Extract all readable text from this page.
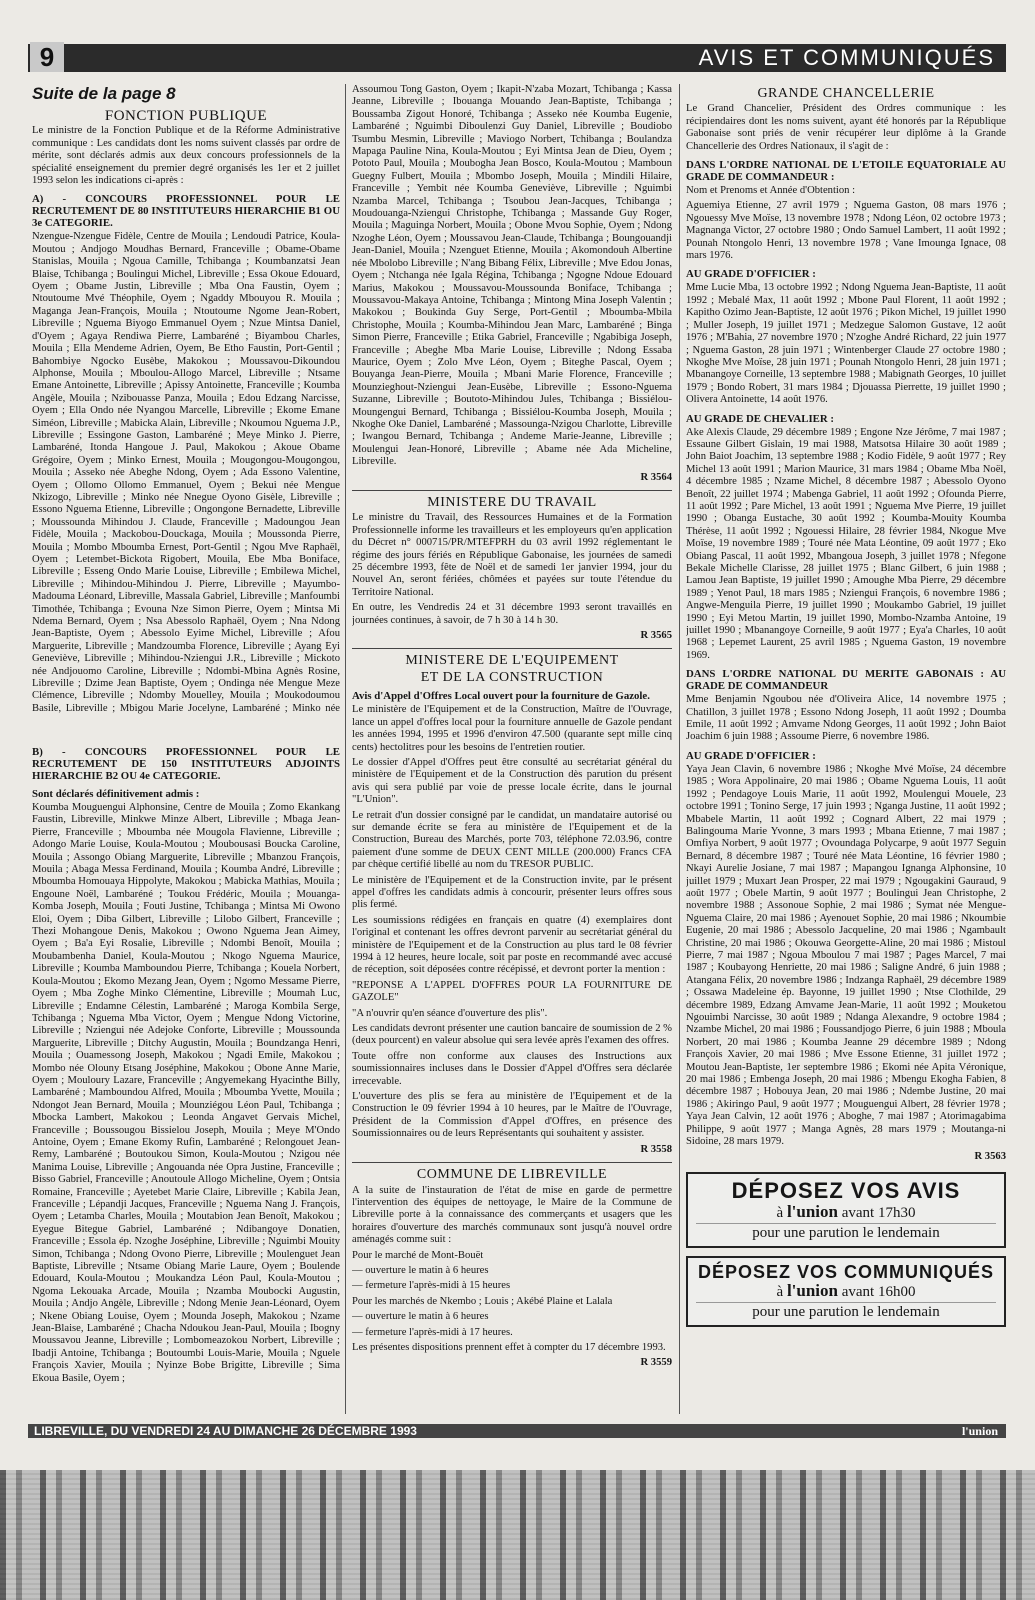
9	AVIS ET COMMUNIQUÉS
Suite de la page 8
FONCTION PUBLIQUE

Le ministre de la Fonction Publique et de la Réforme Administrative communique : Les candidats dont les noms suivent classés par ordre de mérite, sont déclarés admis aux deux concours professionnels de la spécialité enseignement du premier degré organisés les 1er et 2 juillet 1993 selon les indications ci-après :

A) - CONCOURS PROFESSIONNEL POUR LE RECRUTEMENT DE 80 INSTITUTEURS HIERARCHIE B1 OU 3e CATEGORIE.

Nzengue-Nzengue Fidèle, Centre de Mouila ; Lendoudi Patrice, Koula-Moutou ; Andjogo Moudhas Bernard, Franceville ; Obame-Obame Stanislas, Mouila ; Ngoua Camille, Tchibanga ; Koumbanzatsi Jean Blaise, Tchibanga ; Boulingui Michel, Libreville ; Essa Okoue Edouard, Oyem ; Obame Justin, Libreville ; Mba Ona Faustin, Oyem ; Ntoutoume Mvé Théophile, Oyem ; Ngaddy Mbouyou R. Mouila ; Maganga Jean-François, Mouila ; Ntoutoume Ngome Jean-Robert, Libreville ; Nguema Biyogo Emmanuel Oyem ; Nzue Mintsa Daniel, d'Oyem ; Agaya Rendiwa Pierre, Lambaréné ; Biyambou Charles, Mouila ; Ella Mendeme Adrien, Oyem, Be Etho Faustin, Port-Gentil ; Bahombiye Ngocko Eusèbe, Makokou ; Moussavou-Dikoundou Alphonse, Mouila ; Mboulou-Allogo Marcel, Libreville ; Ntsame Emane Antoinette, Libreville ; Apissy Antoinette, Franceville ; Koumba Angèle, Mouila ; Nzibouasse Panza, Mouila ; Edou Edzang Narcisse, Oyem ; Ella Ondo née Nyangou Marcelle, Libreville ; Ekome Emane Siméon, Libreville ; Mabicka Alain, Libreville ; Nkoumou Nguema J.P., Libreville ; Essingone Gaston, Lambaréné ; Meye Minko J. Pierre, Lambaréné, Itonda Hangoue J. Paul, Makokou ; Akoue Obame Grégoire, Oyem ; Minko Ernest, Mouila ; Mougongou-Mougongou, Mouila ; Asseko née Abeghe Ndong, Oyem ; Ada Essono Valentine, Oyem ; Ollomo Ollomo Emmanuel, Oyem ; Bekui née Mengue Nkizogo, Libreville ; Minko née Nnegue Oyono Gisèle, Libreville ; Essono Nguema Etienne, Libreville ; Ongongone Bernadette, Libreville ; Moussounda Mihindou J. Claude, Franceville ; Madoungou Jean Fidèle, Mouila ; Mackobou-Douckaga, Mouila ; Moussonda Pierre, Mouila ; Mombo Mboumba Ernest, Port-Gentil ; Ngou Mve Raphaël, Oyem ; Letembet-Bickota Rigobert, Mouila, Ebe Mba Boniface, Libreville ; Esseng Ondo Marie Louise, Libreville ; Embilewa Michel, Libreville ; Mihindou-Mihindou J. Pierre, Libreville ; Mayumbo-Madouma Léonard, Libreville, Massala Gabriel, Libreville ; Manfoumbi Timothée, Tchibanga ; Evouna Nze Simon Pierre, Oyem ; Mintsa Mi Ndema Bernard, Oyem ; Nsa Abessolo Raphaël, Oyem ; Nna Ndong Jean-Baptiste, Oyem ; Abessolo Eyime Michel, Libreville ; Afou Marguerite, Libreville ; Mandzoumba Florence, Libreville ; Ayang Eyi Geneviève, Libreville ; Mihindou-Nziengui J.R., Libreville ; Mickoto née Andjouomo Caroline, Libreville ; Ndombi-Mbina Agnès Rosine, Libreville ; Dzime Jean Baptiste, Oyem ; Ondinga née Mengue Meze Clémence, Libreville ; Ndomby Mouelley, Mouila ; Moukodoumou Basile, Libreville ; Mbigou Marie Jocelyne, Lambaréné ; Minko née

B) - CONCOURS PROFESSIONNEL POUR LE RECRUTEMENT DE 150 INSTITUTEURS ADJOINTS HIERARCHIE B2 OU 4e CATEGORIE.
Sont déclarés définitivement admis :

Koumba Mouguengui Alphonsine, Centre de Mouila ; Zomo Ekankang Faustin, Libreville, Minkwe Minze Albert, Libreville ; Mbaga Jean-Pierre, Franceville ; Mboumba née Mougola Flavienne, Libreville ; Adongo Marie Louise, Koula-Moutou ; Moubousasi Boucka Caroline, Mouila ; Assongo Obiang Marguerite, Libreville ; Mbanzou François, Mouila ; Abaga Messa Ferdinand, Mouila ; Koumba André, Libreville ; Mboumba Homouaya Hippolyte, Makokou ; Mabicka Mathias, Mouila ; Engoune Noël, Lambaréné ; Toukou Frédéric, Mouila ; Mouanga-Komba Joseph, Mouila ; Fouti Justine, Tchibanga ; Mintsa Mi Owono Eloi, Oyem ; Diba Gilbert, Libreville ; Lilobo Gilbert, Franceville ; Thezi Mohangoue Denis, Makokou ; Owono Nguema Jean Aimey, Oyem ; Ba'a Eyi Rosalie, Libreville ; Ndombi Benoît, Mouila ; Moubambenha Daniel, Koula-Moutou ; Nkogo Nguema Maurice, Libreville ; Koumba Mamboundou Pierre, Tchibanga ; Kouela Norbert, Koula-Moutou ; Ekomo Mezang Jean, Oyem ; Ngomo Messame Pierre, Oyem ; Mba Zoghe Minko Clémentine, Libreville ; Moumah Luc, Libreville ; Endamne Célestin, Lambaréné ; Maroga Kombila Serge, Tchibanga ; Nguema Mba Victor, Oyem ; Mengue Ndong Victorine, Libreville ; Nziengui née Adejoke Conforte, Libreville ; Moussounda Marguerite, Libreville ; Ditchy Augustin, Mouila ; Boundzanga Henri, Mouila ; Ouamessong Joseph, Makokou ; Ngadi Emile, Makokou ; Mombo née Olouny Etsang Joséphine, Makokou ; Obone Anne Marie, Oyem ; Mouloury Lazare, Franceville ; Angyemekang Hyacinthe Billy, Lambaréné ; Mamboundou Alfred, Mouila ; Mboumba Yvette, Mouila ; Ndongot Jean Bernard, Mouila ; Mounziégou Léon Paul, Tchibanga ; Mbocka Lambert, Makokou ; Leonda Angavet Gervais Michel, Franceville ; Boussougou Bissielou Joseph, Mouila ; Meye M'Ondo Antoine, Oyem ; Emane Ekomy Rufin, Lambaréné ; Relongouet Jean-Remy, Lambaréné ; Boutoukou Simon, Koula-Moutou ; Nzigou née Manima Louise, Libreville ; Angouanda née Opra Justine, Franceville ; Bisso Gabriel, Franceville ; Anoutoule Allogo Micheline, Oyem ; Ontsia Romaine, Franceville ; Ayetebet Marie Claire, Libreville ; Kabila Jean, Franceville ; Lépandji Jacques, Franceville ; Nguema Nang J. François, Oyem ; Letamba Charles, Mouila ; Moutabion Jean Benoît, Makokou ; Eyegue Bitegue Gabriel, Lambaréné ; Ndibangoye Donatien, Franceville ; Essola ép. Nzoghe Joséphine, Libreville ; Nguimbi Mouity Simon, Tchibanga ; Ndong Ovono Pierre, Libreville ; Moulenguet Jean Baptiste, Libreville ; Ntsame Obiang Marie Laure, Oyem ; Boulende Edouard, Koula-Moutou ; Moukandza Léon Paul, Koula-Moutou ; Ngoma Lekouaka Arcade, Mouila ; Nzamba Moubocki Augustin, Mouila ; Andjo Angèle, Libreville ; Ndong Menie Jean-Léonard, Oyem ; Nkene Obiang Louise, Oyem ; Mounda Joseph, Makokou ; Nzame Jean-Blaise, Lambaréné ; Chacha Ndoukou Jean-Paul, Mouila ; Ibogny Moussavou Jeanne, Libreville ; Lombomeazokou Norbert, Libreville ; Ibadji Antoine, Tchibanga ; Boutoumbi Louis-Marie, Mouila ; Nguele François Xavier, Mouila ; Nyinze Bobe Brigitte, Libreville ; Sima Ekoua Basile, Oyem ;

Assoumou Tong Gaston, Oyem ; Ikapit-N'zaba Mozart, Tchibanga ; Kassa Jeanne, Libreville ; Ibouanga Mouando Jean-Baptiste, Tchibanga ; Boussamba Zigout Honoré, Tchibanga ; Asseko née Koumba Eugenie, Lambaréné ; Nguimbi Diboulenzi Guy Daniel, Libreville ; Boudiobo Tsumbu Mesmin, Libreville ; Maviogo Norbert, Tchibanga ; Boulandza Mapaga Pauline Nina, Koula-Moutou ; Eyi Mintsa Jean de Dieu, Oyem ; Pototo Paul, Mouila ; Moubogha Jean Bosco, Koula-Moutou ; Mamboun Guegny Fulbert, Mouila ; Mbombo Joseph, Mouila ; Mindili Hilaire, Franceville ; Yembit née Koumba Geneviève, Libreville ; Nguimbi Nzamba Marcel, Tchibanga ; Tsoubou Jean-Jacques, Tchibanga ; Moudouanga-Nziengui Christophe, Tchibanga ; Massande Guy Roger, Mouila ; Maguinga Norbert, Mouila ; Obone Mvou Sophie, Oyem ; Ndong Nzoghe Léon, Oyem ; Moussavou Jean-Claude, Tchibanga ; Boungouandji Jean-Daniel, Mouila ; Nzenguet Etienne, Mouila ; Akomondouh Albertine née Mbolobo Libreville ; N'ang Bibang Félix, Libreville ; Mve Edou Jonas, Oyem ; Ntchanga née Igala Régina, Tchibanga ; Ngogne Ndoue Edouard Marius, Makokou ; Moussavou-Moussounda Boniface, Tchibanga ; Moussavou-Makaya Antoine, Tchibanga ; Mintong Mina Joseph Valentin ; Makokou ; Boukinda Guy Serge, Port-Gentil ; Mboumba-Mbila Christophe, Mouila ; Koumba-Mihindou Jean Marc, Lambaréné ; Binga Simon Pierre, Franceville ; Etika Gabriel, Franceville ; Ngabibiga Joseph, Franceville ; Abeghe Mba Marie Louise, Libreville ; Ndong Essaba Maurice, Oyem ; Zolo Mve Léon, Oyem ; Biteghe Pascal, Oyem ; Bouyanga Jean-Pierre, Mouila ; Mbani Marie Florence, Franceville ; Mounzieghout-Nziengui Jean-Eusèbe, Libreville ; Essono-Nguema Suzanne, Libreville ; Boutoto-Mihindou Jules, Tchibanga ; Bissiélou-Moungengui Bernard, Tchibanga ; Bissiélou-Koumba Joseph, Mouila ; Nkoghe Oke Daniel, Lambaréné ; Massounga-Nzigou Charlotte, Libreville ; Iwangou Bernard, Tchibanga ; Andeme Marie-Jeanne, Libreville ; Moulengui Jean-Honoré, Libreville ; Abame née Ada Micheline, Libreville.

R 3564
MINISTERE DU TRAVAIL

Le ministre du Travail, des Ressources Humaines et de la Formation Professionnelle informe les travailleurs et les employeurs qu'en application du Décret n° 000715/PR/MTEFPRH du 03 avril 1992 réglementant le régime des jours fériés en République Gabonaise, les journées de samedi 25 décembre 1993, fête de Noël et de samedi 1er janvier 1994, jour du Nouvel An, seront fériées, chômées et payées sur toute l'étendue du Territoire National.

En outre, les Vendredis 24 et 31 décembre 1993 seront travaillés en journées continues, à savoir, de 7 h 30 à 14 h 30.

R 3565
MINISTERE DE L'EQUIPEMENT
ET DE LA CONSTRUCTION
Avis d'Appel d'Offres Local ouvert pour la fourniture de Gazole.

Le ministère de l'Equipement et de la Construction, Maître de l'Ouvrage, lance un appel d'offres local pour la fourniture annuelle de Gazole pendant les années 1994, 1995 et 1996 d'environ 47.500 (quarante sept mille cinq cents) hectolitres pour les besoins de l'entretien routier.

Le dossier d'Appel d'Offres peut être consulté au secrétariat général du ministère de l'Equipement et de la Construction dès parution du présent avis qui sera publié par voie de presse locale écrite, dans le journal "L'Union".

Le retrait d'un dossier consigné par le candidat, un mandataire autorisé ou sur demande écrite se fera au ministère de l'Equipement et de la Construction, Bureau des Marchés, porte 703, téléphone 72.03.96, contre paiement d'une somme de DEUX CENT MILLE (200.000) Francs CFA par chèque certifié libellé au nom du TRESOR PUBLIC.

Le ministère de l'Equipement et de la Construction invite, par le présent appel d'offres les candidats admis à concourir, présenter leurs offres sous plis fermé.

Les soumissions rédigées en français en quatre (4) exemplaires dont l'original et contenant les offres devront parvenir au secrétariat général du ministère de l'Equipement et de la Construction au plus tard le 08 février 1994 à 12 heures, heure locale, soit par poste en recommandé avec accusé de réception, soit déposées contre récépissé, et devront porter la mention :

"REPONSE A L'APPEL D'OFFRES POUR LA FOURNITURE DE GAZOLE"

"A n'ouvrir qu'en séance d'ouverture des plis".

Les candidats devront présenter une caution bancaire de soumission de 2 % (deux pourcent) en valeur absolue qui sera levée après l'examen des offres.

Toute offre non conforme aux clauses des Instructions aux soumissionnaires incluses dans le Dossier d'Appel d'Offres sera déclarée irrecevable.

L'ouverture des plis se fera au ministère de l'Equipement et de la Construction le 09 février 1994 à 10 heures, par le Maître de l'Ouvrage, Président de la Commission d'Appel d'Offres, en présence des Soumissionnaires ou de leurs Représentants qui souhaitent y assister.

R 3558
COMMUNE DE LIBREVILLE

A la suite de l'instauration de l'état de mise en garde de permettre l'intervention des équipes de nettoyage, le Maire de la Commune de Libreville porte à la connaissance des commerçants et usagers que les horaires d'ouverture des marchés communaux sont jusqu'à nouvel ordre aménagés comme suit :

Pour le marché de Mont-Bouët

— ouverture le matin à 6 heures

— fermeture l'après-midi à 15 heures

Pour les marchés de Nkembo ; Louis ; Akébé Plaine et Lalala

— ouverture le matin à 6 heures

— fermeture l'après-midi à 17 heures.

Les présentes dispositions prennent effet à compter du 17 décembre 1993.

R 3559
GRANDE CHANCELLERIE

Le Grand Chancelier, Président des Ordres communique : les récipiendaires dont les noms suivent, ayant été honorés par la République Gabonaise sont priés de venir récupérer leur diplôme à la Grande Chancellerie des Ordres Nationaux, il s'agit de :

DANS L'ORDRE NATIONAL DE L'ETOILE EQUATORIALE AU GRADE DE COMMANDEUR :

Nom et Prenoms et Année d'Obtention :

Aguemiya Etienne, 27 avril 1979 ; Nguema Gaston, 08 mars 1976 ; Ngouessy Mve Moïse, 13 novembre 1978 ; Ndong Léon, 02 octobre 1973 ; Magnanga Victor, 27 octobre 1980 ; Ondo Samuel Lambert, 11 août 1992 ; Pounah Ntongolo Henri, 13 novembre 1978 ; Vane Imounga Ignace, 08 mars 1976.

AU GRADE D'OFFICIER :

Mme Lucie Mba, 13 octobre 1992 ; Ndong Nguema Jean-Baptiste, 11 août 1992 ; Mebalé Max, 11 août 1992 ; Mbone Paul Florent, 11 août 1992 ; Kapitho Ozimo Jean-Baptiste, 12 août 1976 ; Pikon Michel, 19 juillet 1990 ; Muller Joseph, 19 juillet 1971 ; Medzegue Salomon Gustave, 12 août 1976 ; M'Bahia, 27 novembre 1970 ; N'zoghe André Richard, 22 juin 1977 ; Nguema Gaston, 28 juin 1971 ; Wintenberger Claude 27 octobre 1980 ; Nkoghe Mve Moïse, 28 juin 1971 ; Pounah Ntongolo Henri, 28 juin 1971 ; Mbanangoye Corneille, 13 septembre 1988 ; Mabignath Georges, 10 juillet 1979 ; Bondo Robert, 31 mars 1984 ; Djouassa Pierrette, 19 juillet 1990 ; Olivera Antoinette, 14 août 1976.

AU GRADE DE CHEVALIER :

Ake Alexis Claude, 29 décembre 1989 ; Engone Nze Jérôme, 7 mai 1987 ; Essaune Gilbert Gislain, 19 mai 1988, Matsotsa Hilaire 30 août 1989 ; John Baiot Joachim, 13 septembre 1988 ; Kodio Fidèle, 9 août 1977 ; Rey Michel 13 août 1991 ; Marion Maurice, 31 mars 1984 ; Obame Mba Noël, 4 décembre 1985 ; Nzame Michel, 8 décembre 1987 ; Abessolo Oyono Benoît, 22 juillet 1974 ; Mabenga Gabriel, 11 août 1992 ; Ofounda Pierre, 11 août 1992 ; Pare Michel, 13 août 1991 ; Nguema Mve Pierre, 19 juillet 1990 ; Obanga Eustache, 30 août 1992 ; Koumba-Mouity Koumba Thérèse, 11 août 1992 ; Ngouessi Hilaire, 28 février 1984, Nkogue Mve Moïse, 19 novembre 1989 ; Touré née Mata Léontine, 09 août 1977 ; Eko Obiang Pascal, 11 août 1992, Mbangoua Joseph, 3 juillet 1978 ; Nfegone Bekale Michelle Clarisse, 28 juillet 1975 ; Blanc Gilbert, 6 juin 1988 ; Lamou Jean Baptiste, 19 juillet 1990 ; Amoughe Mba Pierre, 29 décembre 1989 ; Yenot Paul, 18 mars 1985 ; Nziengui François, 6 novembre 1986 ; Angwe-Menguila Pierre, 19 juillet 1990 ; Moukambo Gabriel, 19 juillet 1990 ; Eyi Metou Martin, 19 juillet 1990, Mombo-Nzamba Antoine, 19 juillet 1990 ; Mbanangoye Corneille, 9 août 1977 ; Eya'a Charles, 10 août 1968 ; Lepemet Laurent, 25 avril 1985 ; Nguema Gaston, 19 novembre 1969.

DANS L'ORDRE NATIONAL DU MERITE GABONAIS : AU GRADE DE COMMANDEUR

Mme Benjamin Ngoubou née d'Oliveira Alice, 14 novembre 1975 ; Chatillon, 3 juillet 1978 ; Essono Ndong Joseph, 11 août 1992 ; Doumba Emile, 11 août 1992 ; Amvame Ndong Georges, 11 août 1992 ; John Baiot Joachim 6 juin 1988 ; Assoume Pierre, 6 novembre 1986.

AU GRADE D'OFFICIER :

Yaya Jean Clavin, 6 novembre 1986 ; Nkoghe Mvé Moïse, 24 décembre 1985 ; Wora Appolinaire, 20 mai 1986 ; Obame Nguema Louis, 11 août 1992 ; Pendagoye Louis Marie, 11 août 1992, Moulengui Mouele, 23 octobre 1991 ; Tonino Serge, 17 juin 1993 ; Nganga Justine, 11 août 1992 ; Mbabele Martin, 11 août 1992 ; Cognard Albert, 22 mai 1979 ; Balingouma Marie Yvonne, 3 mars 1993 ; Mbana Etienne, 7 mai 1987 ; Omfiya Norbert, 9 août 1977 ; Ovoundaga Polycarpe, 9 août 1977 Seguin Bernard, 8 décembre 1987 ; Touré née Mata Léontine, 16 février 1980 ; Nkayi Aurelie Josiane, 7 mai 1987 ; Mapangou Ignanga Alphonsine, 10 juillet 1979 ; Muxart Jean Prosper, 22 mai 1979 ; Ngougakini Gauraud, 9 août 1977 ; Obele Martin, 9 août 1977 ; Boulingui Jean Christophe, 2 novembre 1988 ; Assonoue Sophie, 2 mai 1986 ; Symat née Mengue-Nguema Claire, 20 mai 1986 ; Ayenouet Sophie, 20 mai 1986 ; Nkoumbie Eugenie, 20 mai 1986 ; Abessolo Jacqueline, 20 mai 1986 ; Ngambault Christine, 20 mai 1986 ; Okouwa Georgette-Aline, 20 mai 1986 ; Mistoul Pierre, 7 mai 1987 ; Ngoua Mboulou 7 mai 1987 ; Pages Marcel, 7 mai 1987 ; Koubayong Henriette, 20 mai 1986 ; Saligne André, 6 juin 1988 ; Atangana Félix, 20 novembre 1986 ; Indzanga Raphaël, 29 décembre 1989 ; Ossawa Madeleine ép. Bayonne, 19 juillet 1990 ; Ntse Clothilde, 29 décembre 1989, Edzang Amvame Jean-Marie, 11 août 1992 ; Mouketou Ngouimbi Narcisse, 30 août 1989 ; Ndanga Alexandre, 9 octobre 1984 ; Nzambe Michel, 20 mai 1986 ; Foussandjogo Pierre, 6 juin 1988 ; Mboula Norbert, 20 mai 1986 ; Koumba Jeanne 29 décembre 1989 ; Ndong François Xavier, 20 mai 1986 ; Mve Essone Etienne, 31 juillet 1972 ; Moutou Jean-Baptiste, 1er septembre 1986 ; Ekomi née Apita Véronique, 20 mai 1986 ; Embenga Joseph, 20 mai 1986 ; Mbengu Ekogha Fabien, 8 décembre 1987 ; Hobouya Jean, 20 mai 1986 ; Ndembe Justine, 20 mai 1986 ; Akiringo Paul, 9 août 1977 ; Mouguengui Albert, 28 février 1978 ; Yaya Jean Calvin, 12 août 1976 ; Aboghe, 7 mai 1987 ; Atorimagabima Philippe, 9 août 1977 ; Manga Agnès, 28 mars 1979 ; Moutanga-ni Sidoine, 28 mars 1979.

R 3563
DÉPOSEZ VOS AVIS
à l'union avant 17h30
pour une parution le lendemain
DÉPOSEZ VOS COMMUNIQUÉS
à l'union avant 16h00
pour une parution le lendemain
LIBREVILLE, DU VENDREDI 24 AU DIMANCHE 26 DÉCEMBRE 1993	l'union
